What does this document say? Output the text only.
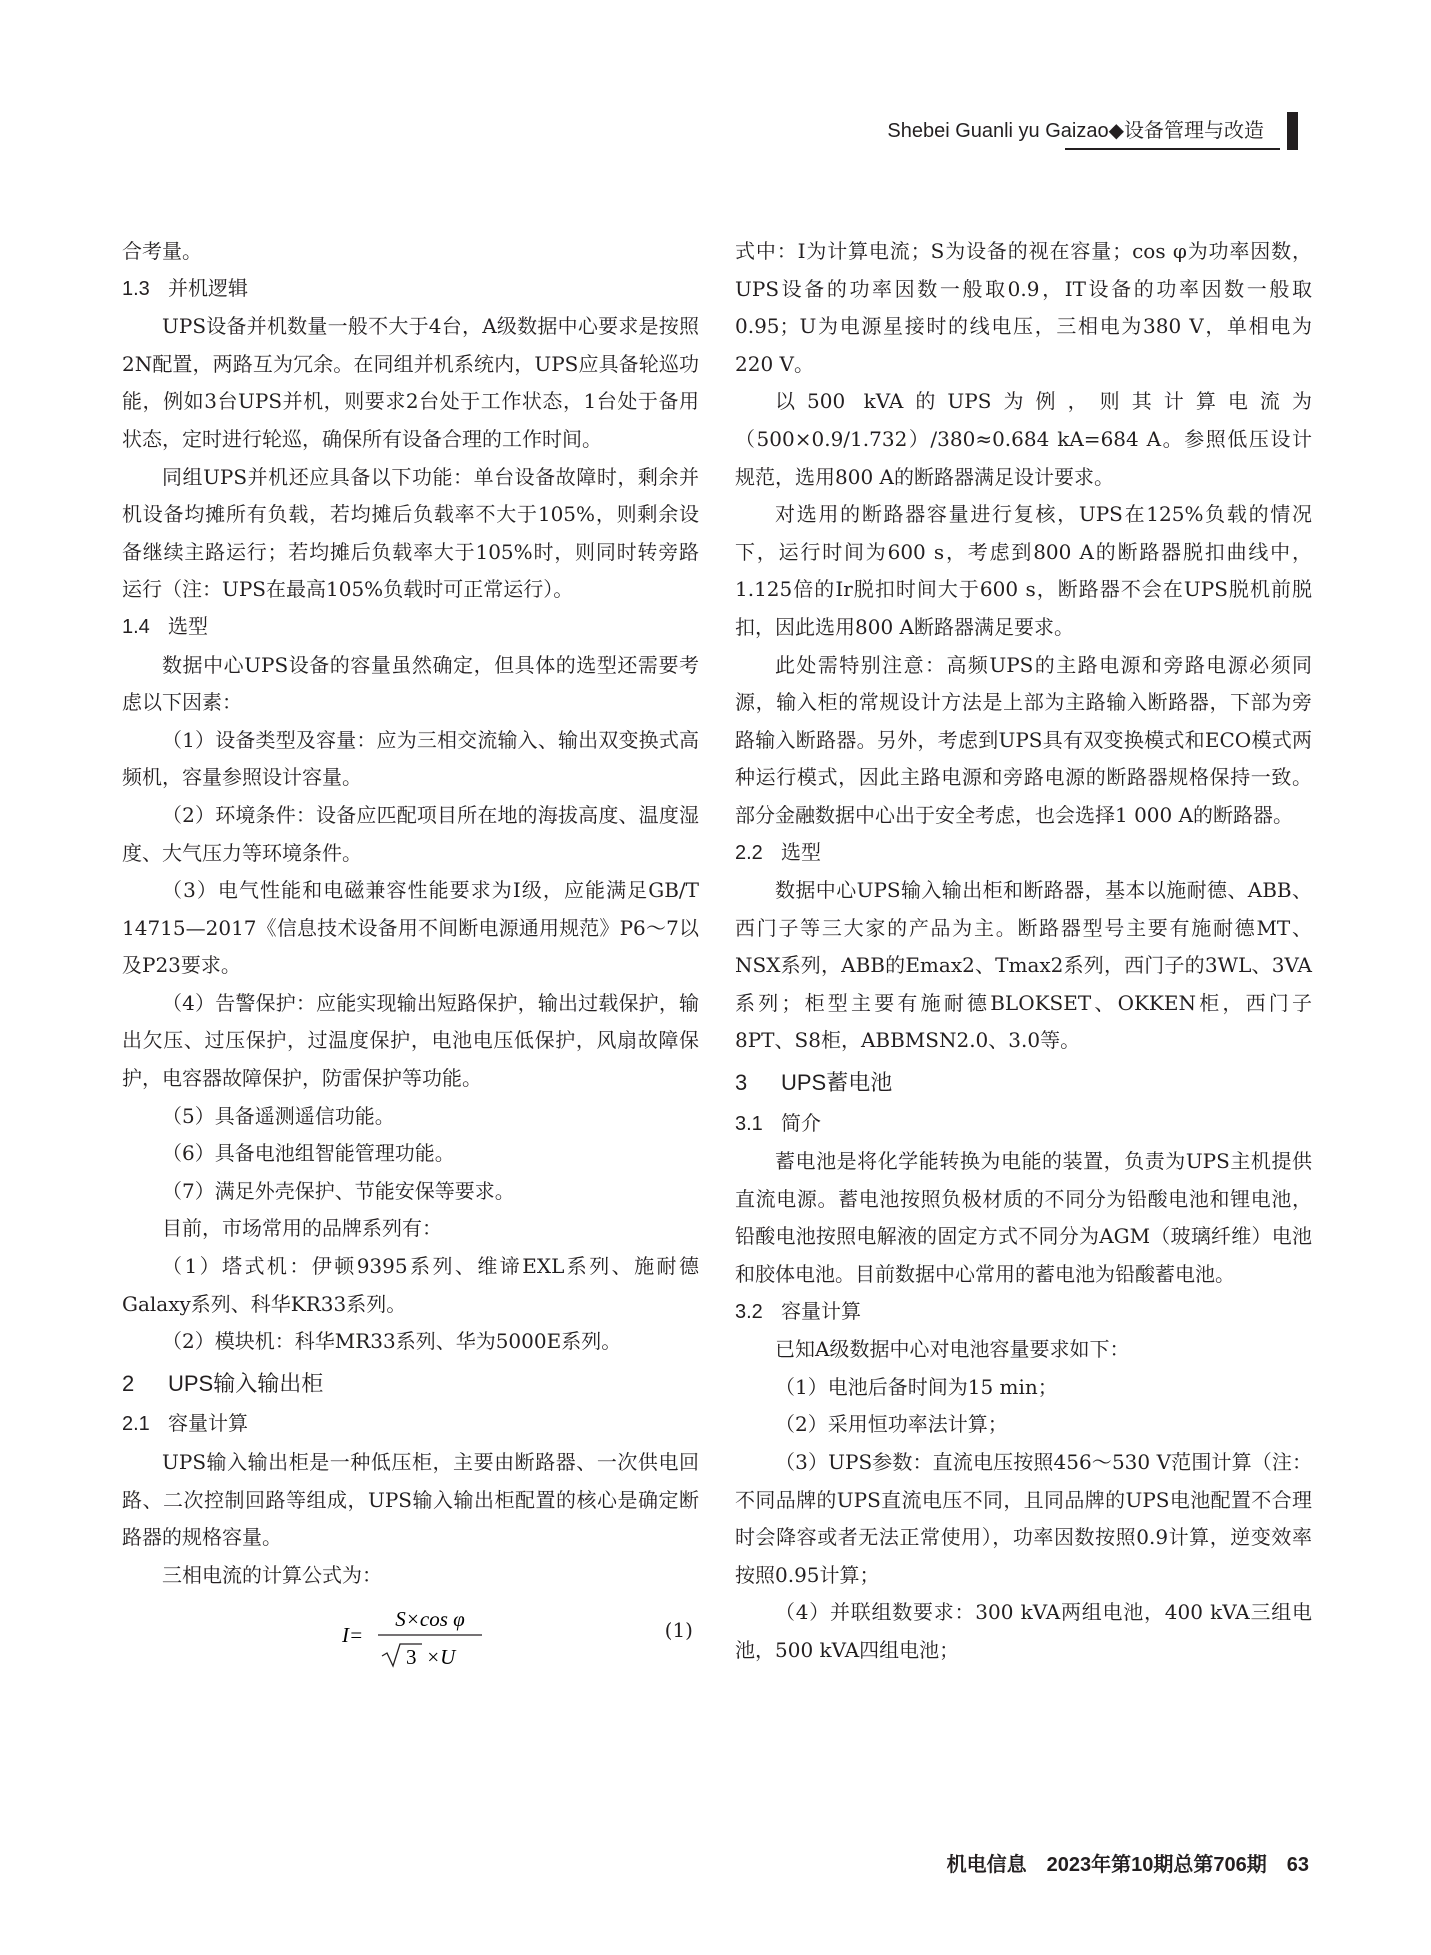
Shebei Guanli yu Gaizao◆设备管理与改造

合考量。

1.3 并机逻辑

UPS设备并机数量一般不大于4台，A级数据中心要求是按照2N配置，两路互为冗余。在同组并机系统内，UPS应具备轮巡功能，例如3台UPS并机，则要求2台处于工作状态，1台处于备用状态，定时进行轮巡，确保所有设备合理的工作时间。

同组UPS并机还应具备以下功能：单台设备故障时，剩余并机设备均摊所有负载，若均摊后负载率不大于105%，则剩余设备继续主路运行；若均摊后负载率大于105%时，则同时转旁路运行（注：UPS在最高105%负载时可正常运行）。

1.4 选型

数据中心UPS设备的容量虽然确定，但具体的选型还需要考虑以下因素：

（1）设备类型及容量：应为三相交流输入、输出双变换式高频机，容量参照设计容量。

（2）环境条件：设备应匹配项目所在地的海拔高度、温度湿度、大气压力等环境条件。

（3）电气性能和电磁兼容性能要求为Ⅰ级，应能满足GB/T 14715—2017《信息技术设备用不间断电源通用规范》P6～7以及P23要求。

（4）告警保护：应能实现输出短路保护，输出过载保护，输出欠压、过压保护，过温度保护，电池电压低保护，风扇故障保护，电容器故障保护，防雷保护等功能。

（5）具备遥测遥信功能。

（6）具备电池组智能管理功能。

（7）满足外壳保护、节能安保等要求。

目前，市场常用的品牌系列有：

（1）塔式机：伊顿9395系列、维谛EXL系列、施耐德Galaxy系列、科华KR33系列。

（2）模块机：科华MR33系列、华为5000E系列。

2 UPS输入输出柜
2.1 容量计算

UPS输入输出柜是一种低压柜，主要由断路器、一次供电回路、二次控制回路等组成，UPS输入输出柜配置的核心是确定断路器的规格容量。

三相电流的计算公式为：

I=
S×cos φ
3 ×U
(1)

式中：I为计算电流；S为设备的视在容量；cos φ为功率因数，UPS设备的功率因数一般取0.9，IT设备的功率因数一般取0.95；U为电源星接时的线电压，三相电为380 V，单相电为220 V。

以500 kVA的UPS为例，则其计算电流为（500×0.9/1.732）/380≈0.684 kA=684 A。参照低压设计规范，选用800 A的断路器满足设计要求。

对选用的断路器容量进行复核，UPS在125%负载的情况下，运行时间为600 s，考虑到800 A的断路器脱扣曲线中，1.125倍的Ir脱扣时间大于600 s，断路器不会在UPS脱机前脱扣，因此选用800 A断路器满足要求。

此处需特别注意：高频UPS的主路电源和旁路电源必须同源，输入柜的常规设计方法是上部为主路输入断路器，下部为旁路输入断路器。另外，考虑到UPS具有双变换模式和ECO模式两种运行模式，因此主路电源和旁路电源的断路器规格保持一致。部分金融数据中心出于安全考虑，也会选择1 000 A的断路器。

2.2 选型

数据中心UPS输入输出柜和断路器，基本以施耐德、ABB、西门子等三大家的产品为主。断路器型号主要有施耐德MT、NSX系列，ABB的Emax2、Tmax2系列，西门子的3WL、3VA系列；柜型主要有施耐德BLOKSET、OKKEN柜，西门子8PT、S8柜，ABBMSN2.0、3.0等。

3 UPS蓄电池
3.1 简介

蓄电池是将化学能转换为电能的装置，负责为UPS主机提供直流电源。蓄电池按照负极材质的不同分为铅酸电池和锂电池，铅酸电池按照电解液的固定方式不同分为AGM（玻璃纤维）电池和胶体电池。目前数据中心常用的蓄电池为铅酸蓄电池。

3.2 容量计算

已知A级数据中心对电池容量要求如下：

（1）电池后备时间为15 min；

（2）采用恒功率法计算；

（3）UPS参数：直流电压按照456～530 V范围计算（注：不同品牌的UPS直流电压不同，且同品牌的UPS电池配置不合理时会降容或者无法正常使用），功率因数按照0.9计算，逆变效率按照0.95计算；

（4）并联组数要求：300 kVA两组电池，400 kVA三组电池，500 kVA四组电池；

机电信息　2023年第10期总第706期　63
